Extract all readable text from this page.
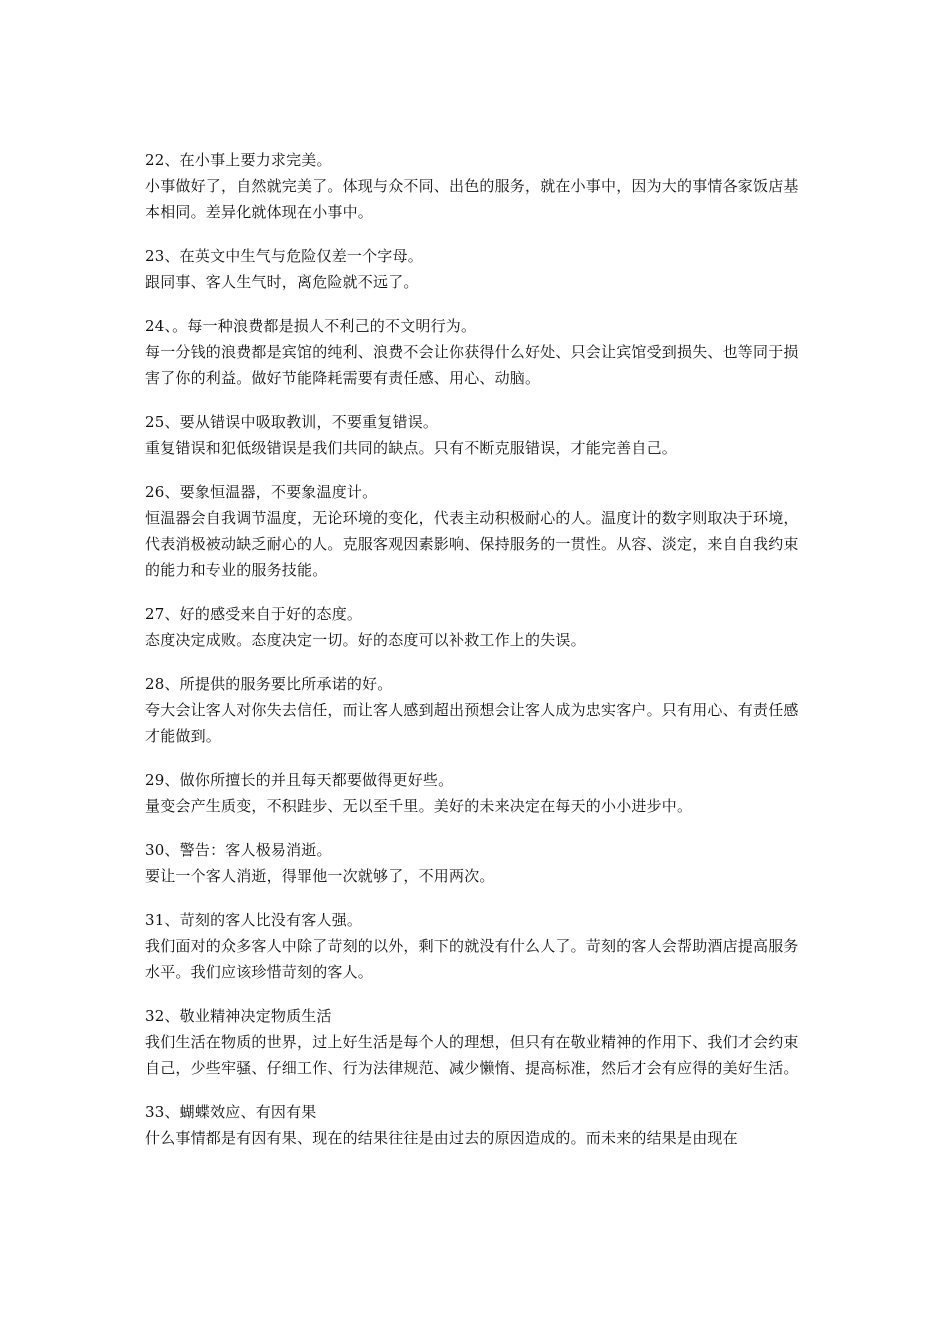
22、在小事上要力求完美。
小事做好了，自然就完美了。体现与众不同、出色的服务，就在小事中，因为大的事情各家饭店基本相同。差异化就体现在小事中。
23、在英文中生气与危险仅差一个字母。
跟同事、客人生气时，离危险就不远了。
24、。每一种浪费都是损人不利己的不文明行为。
每一分钱的浪费都是宾馆的纯利、浪费不会让你获得什么好处、只会让宾馆受到损失、也等同于损害了你的利益。做好节能降耗需要有责任感、用心、动脑。
25、要从错误中吸取教训，不要重复错误。
重复错误和犯低级错误是我们共同的缺点。只有不断克服错误，才能完善自己。
26、要象恒温器，不要象温度计。
恒温器会自我调节温度，无论环境的变化，代表主动积极耐心的人。温度计的数字则取决于环境，代表消极被动缺乏耐心的人。克服客观因素影响、保持服务的一贯性。从容、淡定，来自自我约束的能力和专业的服务技能。
27、好的感受来自于好的态度。
态度决定成败。态度决定一切。好的态度可以补救工作上的失误。
28、所提供的服务要比所承诺的好。
夸大会让客人对你失去信任，而让客人感到超出预想会让客人成为忠实客户。只有用心、有责任感才能做到。
29、做你所擅长的并且每天都要做得更好些。
量变会产生质变，不积跬步、无以至千里。美好的未来决定在每天的小小进步中。
30、警告：客人极易消逝。
要让一个客人消逝，得罪他一次就够了，不用两次。
31、苛刻的客人比没有客人强。
我们面对的众多客人中除了苛刻的以外，剩下的就没有什么人了。苛刻的客人会帮助酒店提高服务水平。我们应该珍惜苛刻的客人。
32、敬业精神决定物质生活
我们生活在物质的世界，过上好生活是每个人的理想，但只有在敬业精神的作用下、我们才会约束自己，少些牢骚、仔细工作、行为法律规范、减少懒惰、提高标准，然后才会有应得的美好生活。
33、蝴蝶效应、有因有果
什么事情都是有因有果、现在的结果往往是由过去的原因造成的。而未来的结果是由现在
